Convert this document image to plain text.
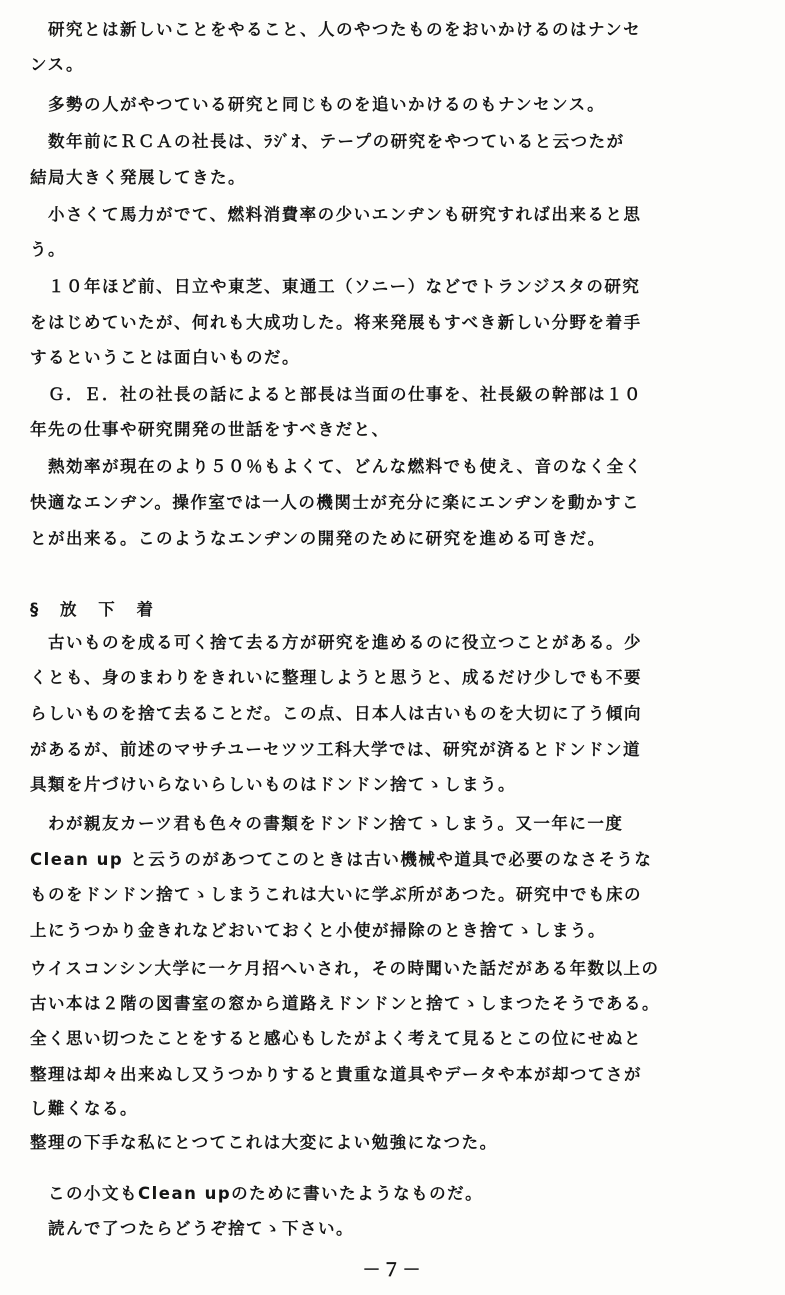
　研究とは新しいことをやること、人のやつたものをおいかけるのはナンセ
ンス。
　多勢の人がやつている研究と同じものを追いかけるのもナンセンス。
　数年前にＲＣＡの社長は、ﾗｼﾞｵ、テープの研究をやつていると云つたが
結局大きく発展してきた。
　小さくて馬力がでて、燃料消費率の少いエンヂンも研究すれば出来ると思
う。
　１０年ほど前、日立や東芝、東通工（ソニー）などでトランジスタの研究
をはじめていたが、何れも大成功した。将来発展もすべき新しい分野を着手
するということは面白いものだ。
　Ｇ．Ｅ．社の社長の話によると部長は当面の仕事を、社長級の幹部は１０
年先の仕事や研究開発の世話をすべきだと、
　熱効率が現在のより５０％もよくて、どんな燃料でも使え、音のなく全く
快適なエンヂン。操作室では一人の機関士が充分に楽にエンヂンを動かすこ
とが出来る。このようなエンヂンの開発のために研究を進める可きだ。
§ 放 下 着
　古いものを成る可く捨て去る方が研究を進めるのに役立つことがある。少
くとも、身のまわりをきれいに整理しようと思うと、成るだけ少しでも不要
らしいものを捨て去ることだ。この点、日本人は古いものを大切に了う傾向
があるが、前述のマサチユーセツツ工科大学では、研究が済るとドンドン道
具類を片づけいらないらしいものはドンドン捨てゝしまう。
　わが親友カーツ君も色々の書類をドンドン捨てゝしまう。又一年に一度
Clean up と云うのがあつてこのときは古い機械や道具で必要のなさそうな
ものをドンドン捨てゝしまうこれは大いに学ぶ所があつた。研究中でも床の
上にうつかり金きれなどおいておくと小使が掃除のとき捨てゝしまう。
ウイスコンシン大学に一ケ月招へいされ，その時聞いた話だがある年数以上の
古い本は２階の図書室の窓から道路えドンドンと捨てゝしまつたそうである。
全く思い切つたことをすると感心もしたがよく考えて見るとこの位にせぬと
整理は却々出来ぬし又うつかりすると貴重な道具やデータや本が却つてさが
し難くなる。
整理の下手な私にとつてこれは大変によい勉強になつた。
　この小文もClean upのために書いたようなものだ。
　読んで了つたらどうぞ捨てゝ下さい。
－７－
